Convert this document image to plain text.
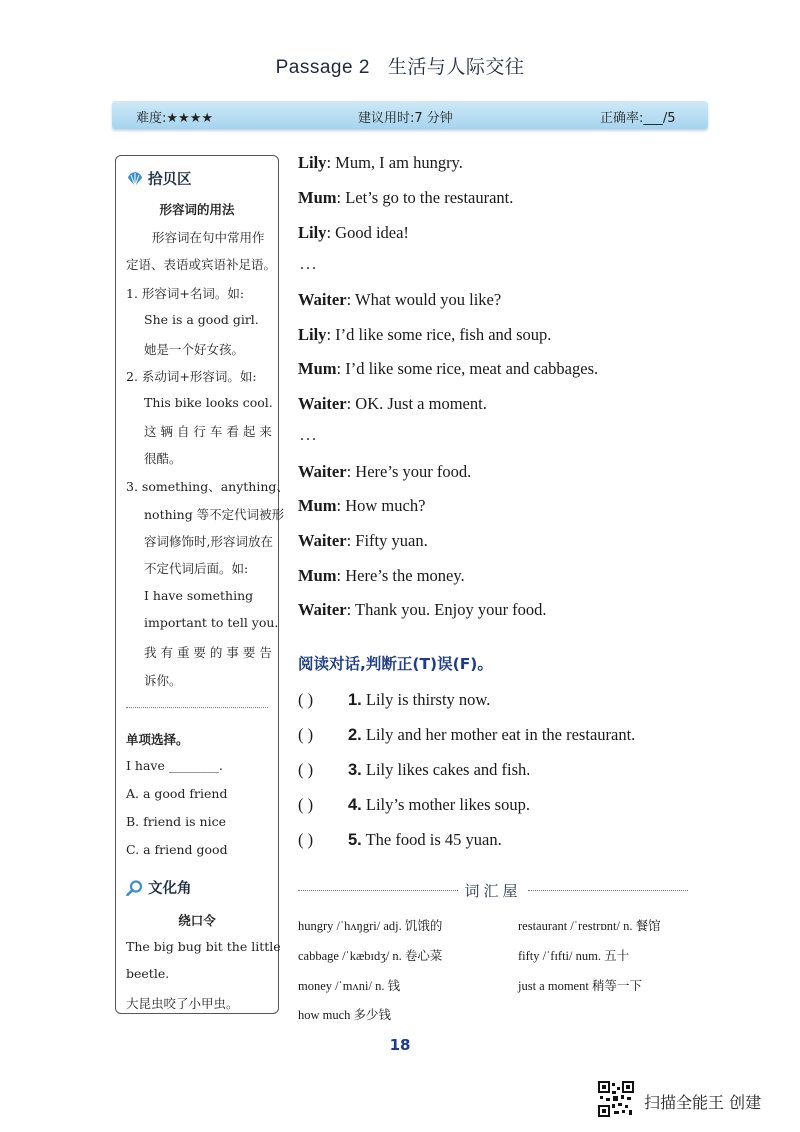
Passage 2 生活与人际交往
难度:★★★★	建议用时:7 分钟	正确率:___/5
拾贝区
形容词的用法
形容词在句中常用作
定语、表语或宾语补足语。
1. 形容词+名词。如:
She is a good girl.
她是一个好女孩。
2. 系动词+形容词。如:
This bike looks cool.
这 辆 自 行 车 看 起 来
很酷。
3. something、anything、
nothing 等不定代词被形
容词修饰时,形容词放在
不定代词后面。如:
I have something
important to tell you.
我 有 重 要 的 事 要 告
诉你。
单项选择。
I have ________.
A. a good friend
B. friend is nice
C. a friend good
文化角
绕口令
The big bug bit the little
beetle.
大昆虫咬了小甲虫。
Lily: Mum, I am hungry.
Mum: Let’s go to the restaurant.
Lily: Good idea!
...
Waiter: What would you like?
Lily: I’d like some rice, fish and soup.
Mum: I’d like some rice, meat and cabbages.
Waiter: OK. Just a moment.
...
Waiter: Here’s your food.
Mum: How much?
Waiter: Fifty yuan.
Mum: Here’s the money.
Waiter: Thank you. Enjoy your food.
阅读对话,判断正(T)误(F)。
( ) 1. Lily is thirsty now.
( ) 2. Lily and her mother eat in the restaurant.
( ) 3. Lily likes cakes and fish.
( ) 4. Lily’s mother likes soup.
( ) 5. The food is 45 yuan.
词汇屋
hungry /ˈhʌŋgri/ adj. 饥饿的	restaurant /ˈrestrɒnt/ n. 餐馆
cabbage /ˈkæbɪdʒ/ n. 卷心菜	fifty /ˈfɪfti/ num. 五十
money /ˈmʌni/ n. 钱	just a moment 稍等一下
how much 多少钱
18
扫描全能王 创建
